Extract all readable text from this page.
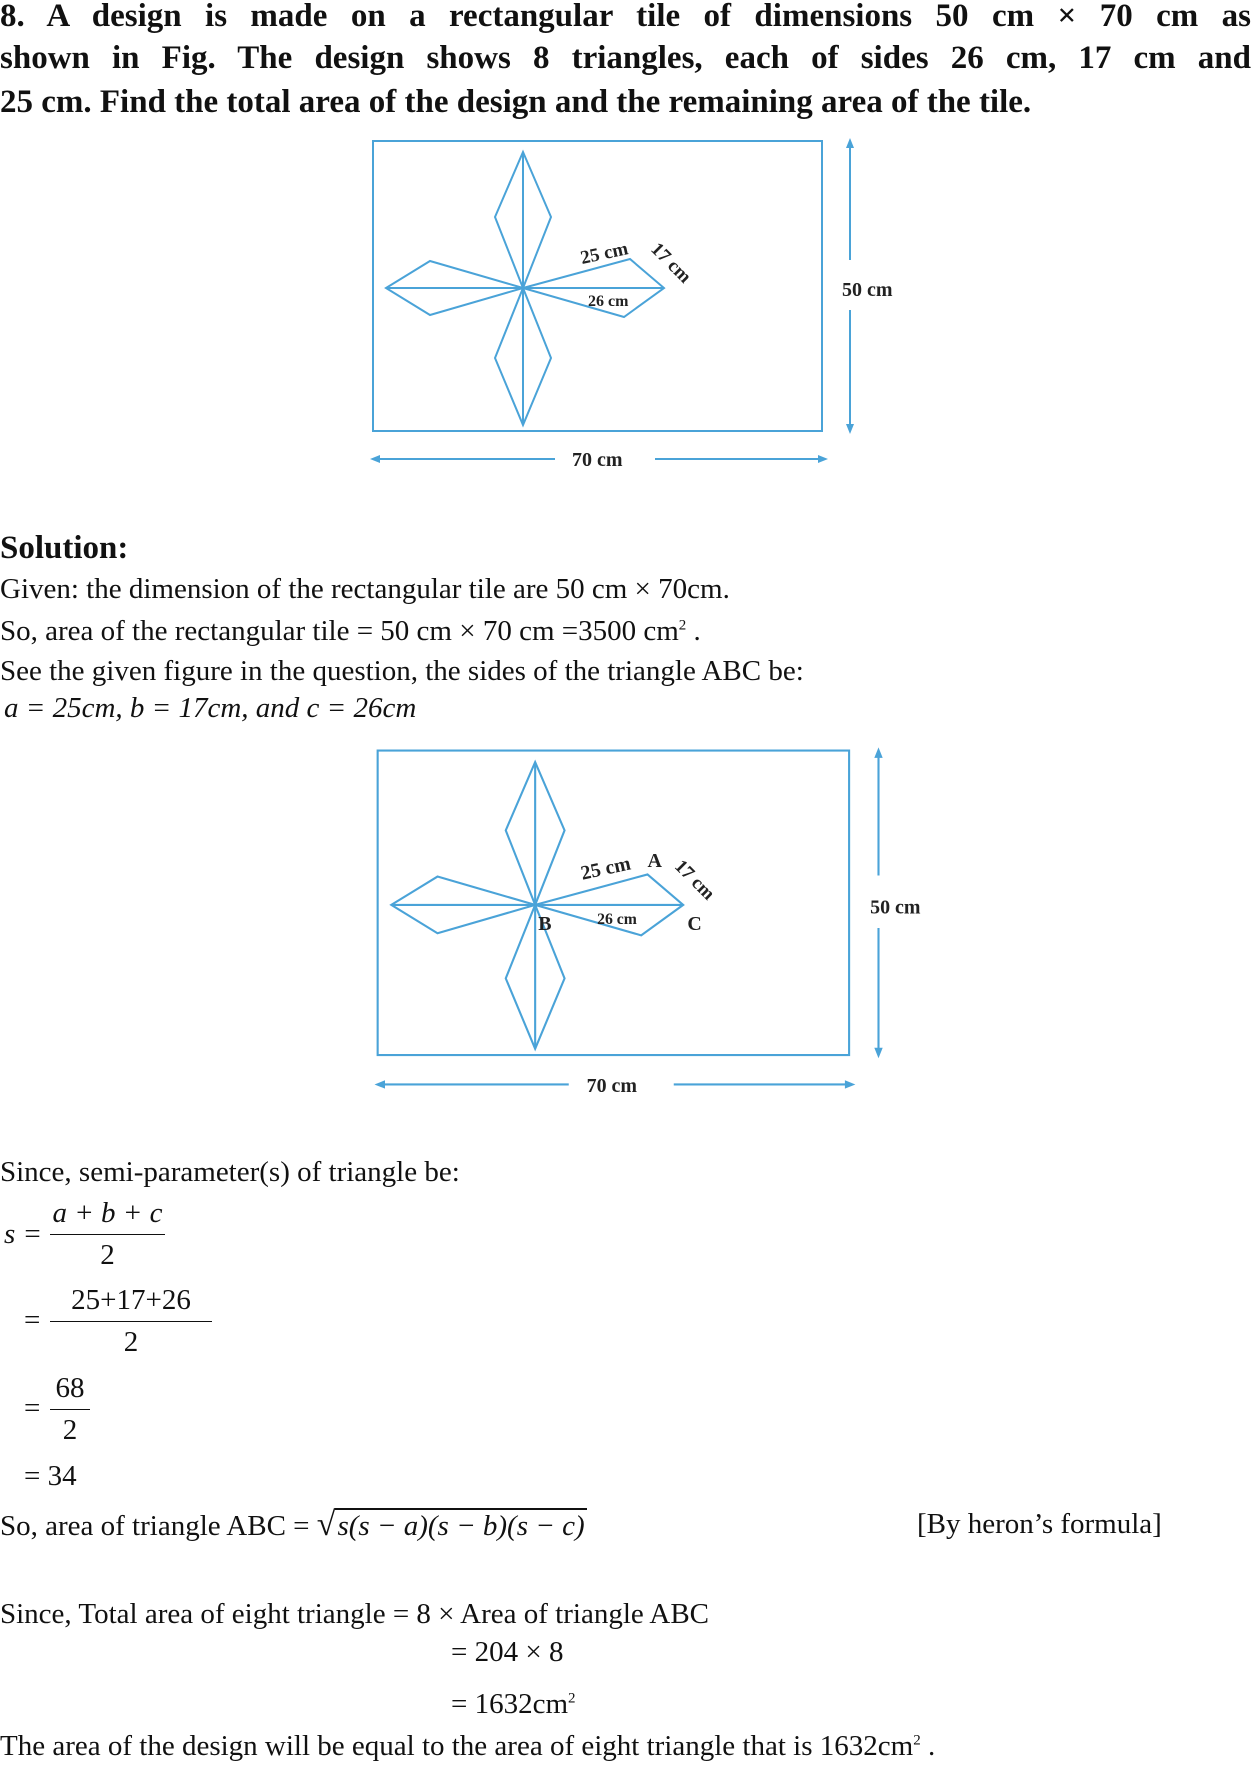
8. A design is made on a rectangular tile of dimensions 50 cm × 70 cm as
shown in Fig. The design shows 8 triangles, each of sides 26 cm, 17 cm and
25 cm. Find the total area of the design and the remaining area of the tile.
25 cm 17 cm
26 cm
50 cm
70 cm
Solution:
Given: the dimension of the rectangular tile are 50 cm × 70cm.
So, area of the rectangular tile = 50 cm × 70 cm =3500 $cm^2$ .
See the given figure in the question, the sides of the triangle ABC be:
a = 25cm, b = 17cm, and c = 26cm
25 cm A 17 cm
26 cm
B	C
50 cm
70 cm
Since, semi-parameter(s) of triangle be:
s =
a + b + c
2
=
25+17+26
2
=
68
2
= 34
So, area of triangle ABC = √s(s − a)(s − b)(s − c)	[By heron’s formula]
Since, Total area of eight triangle = 8 × Area of triangle ABC
= 204 × 8
= $1632cm^2$
The area of the design will be equal to the area of eight triangle that is $1632cm^2$ .
